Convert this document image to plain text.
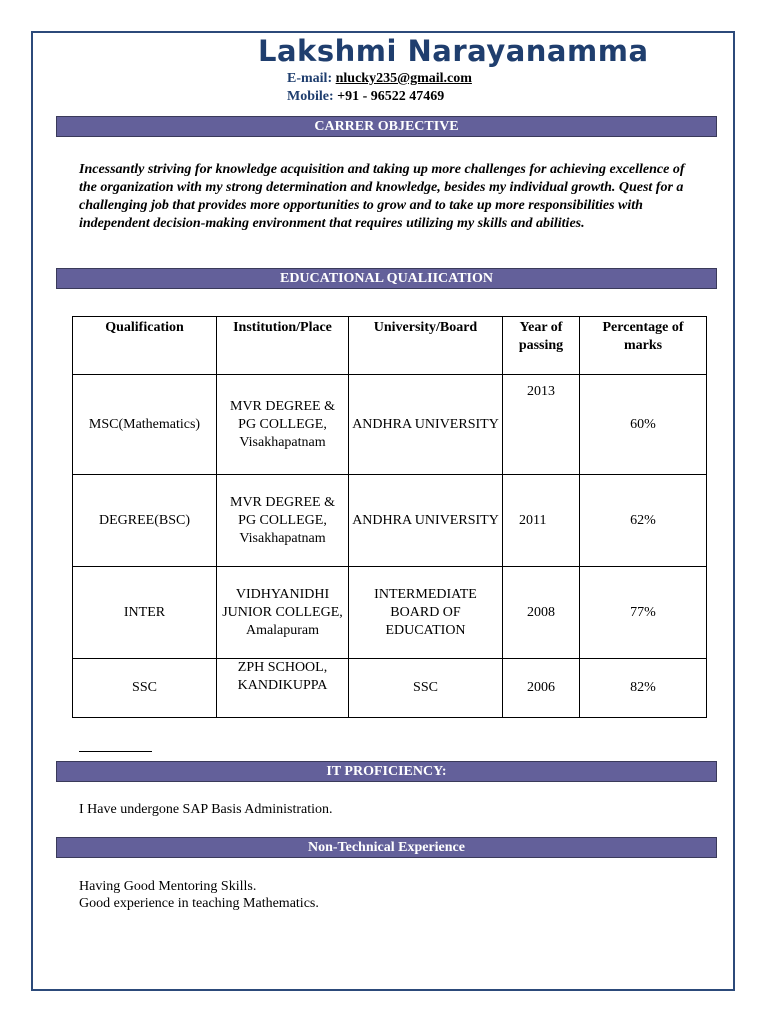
Lakshmi Narayanamma
E-mail: nlucky235@gmail.com
Mobile: +91 - 96522 47469
CARRER OBJECTIVE
Incessantly striving for knowledge acquisition and taking up more challenges for achieving excellence of the organization with my strong determination and knowledge, besides my individual growth. Quest for a challenging job that provides more opportunities to grow and to take up more responsibilities with independent decision-making environment that requires utilizing my skills and abilities.
EDUCATIONAL QUALIICATION
Qualification	Institution/Place	University/Board	Year of passing	Percentage of marks
MSC(Mathematics)	MVR DEGREE & PG COLLEGE, Visakhapatnam	ANDHRA UNIVERSITY	2013	60%
DEGREE(BSC)	MVR DEGREE & PG COLLEGE, Visakhapatnam	ANDHRA UNIVERSITY	2011	62%
INTER	VIDHYANIDHI JUNIOR COLLEGE, Amalapuram	INTERMEDIATE BOARD OF EDUCATION	2008	77%
SSC	ZPH SCHOOL, KANDIKUPPA	SSC	2006	82%
IT PROFICIENCY:
I Have undergone SAP Basis Administration.
Non-Technical Experience
Having Good Mentoring Skills.
Good experience in teaching Mathematics.
